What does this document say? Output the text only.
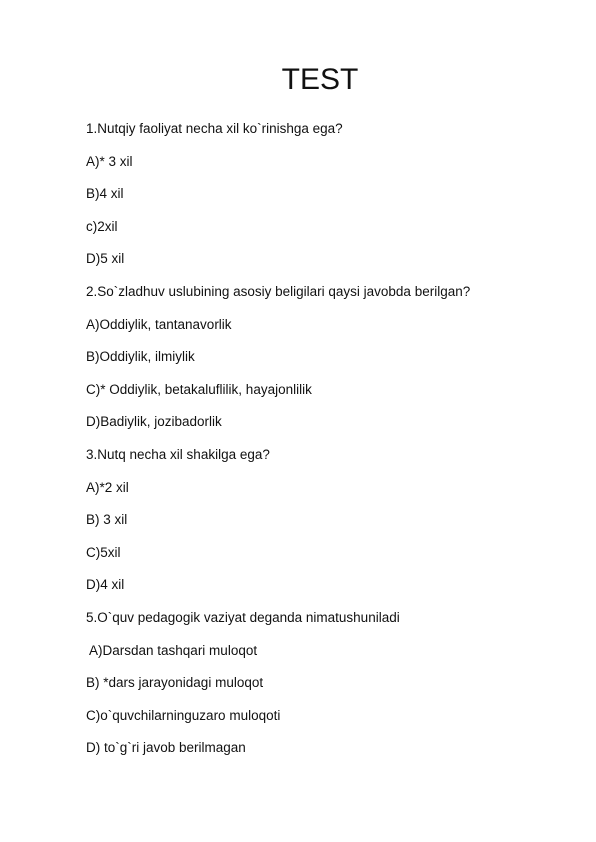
TEST
1.Nutqiy faoliyat necha xil ko`rinishga ega?
A)* 3 xil
B)4 xil
c)2xil
D)5 xil
2.So`zladhuv uslubining asosiy beligilari qaysi javobda berilgan?
A)Oddiylik, tantanavorlik
B)Oddiylik, ilmiylik
C)* Oddiylik, betakaluflilik, hayajonlilik
D)Badiylik, jozibadorlik
3.Nutq necha xil shakilga ega?
A)*2 xil
B) 3 xil
C)5xil
D)4 xil
5.O`quv pedagogik vaziyat deganda nimatushuniladi
A)Darsdan tashqari muloqot
B) *dars jarayonidagi muloqot
C)o`quvchilarninguzaro muloqoti
D) to`g`ri javob berilmagan
